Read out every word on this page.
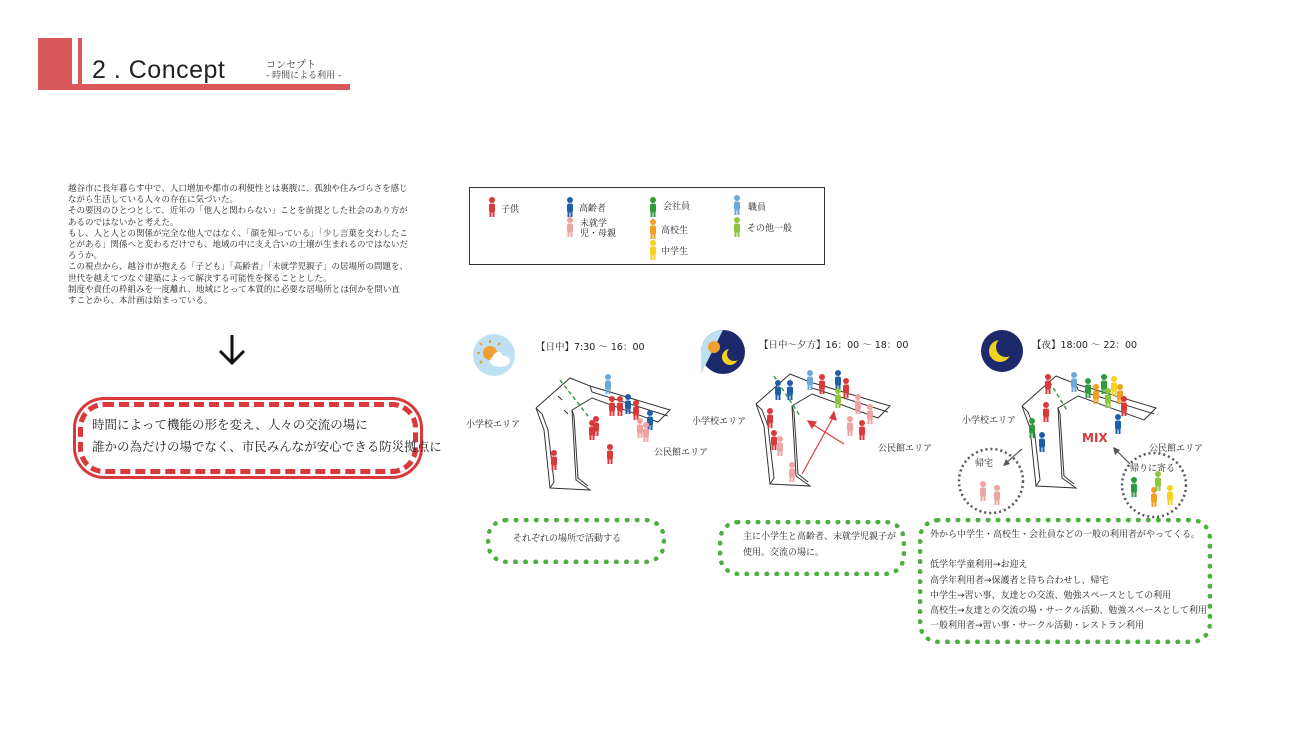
2 . Concept	コンセプト
- 時間による利用 -

越谷市に長年暮らす中で、人口増加や都市の利便性とは裏腹に、孤独や住みづらさを感じながら生活している人々の存在に気づいた。

その要因のひとつとして、近年の「他人と関わらない」ことを前提とした社会のあり方があるのではないかと考えた。

もし、人と人との関係が完全な他人ではなく、「顔を知っている」「少し言葉を交わしたことがある」関係へと変わるだけでも、地域の中に支え合いの土壌が生まれるのではないだろうか。

この視点から、越谷市が抱える「子ども」「高齢者」「未就学児親子」の居場所の問題を、世代を越えてつなぐ建築によって解決する可能性を探ることとした。

制度や責任の枠組みを一度離れ、地域にとって本質的に必要な居場所とは何かを問い直すことから、本計画は始まっている。

時間によって機能の形を変え、人々の交流の場に
誰かの為だけの場でなく、市民みんなが安心できる防災拠点に
子供	高齢者
未就学児・母親
会社員
高校生
中学生
職員
その他一般
【日中】7:30 ～ 16：00
小学校エリア
公民館エリア
それぞれの場所で活動する
【日中～夕方】16：00 ～ 18：00
小学校エリア
公民館エリア
主に小学生と高齢者、未就学児親子が
使用。交流の場に。
【夜】18:00 ～ 22：00
MIX
小学校エリア
公民館エリア
帰宅	帰りに寄る
外から中学生・高校生・会社員などの一般の利用者がやってくる。
低学年学童利用→お迎え
高学年利用者→保護者と待ち合わせし、帰宅
中学生→習い事、友達との交流、勉強スペースとしての利用
高校生→友達との交流の場・サークル活動、勉強スペースとして利用
一般利用者→習い事・サークル活動・レストラン利用
